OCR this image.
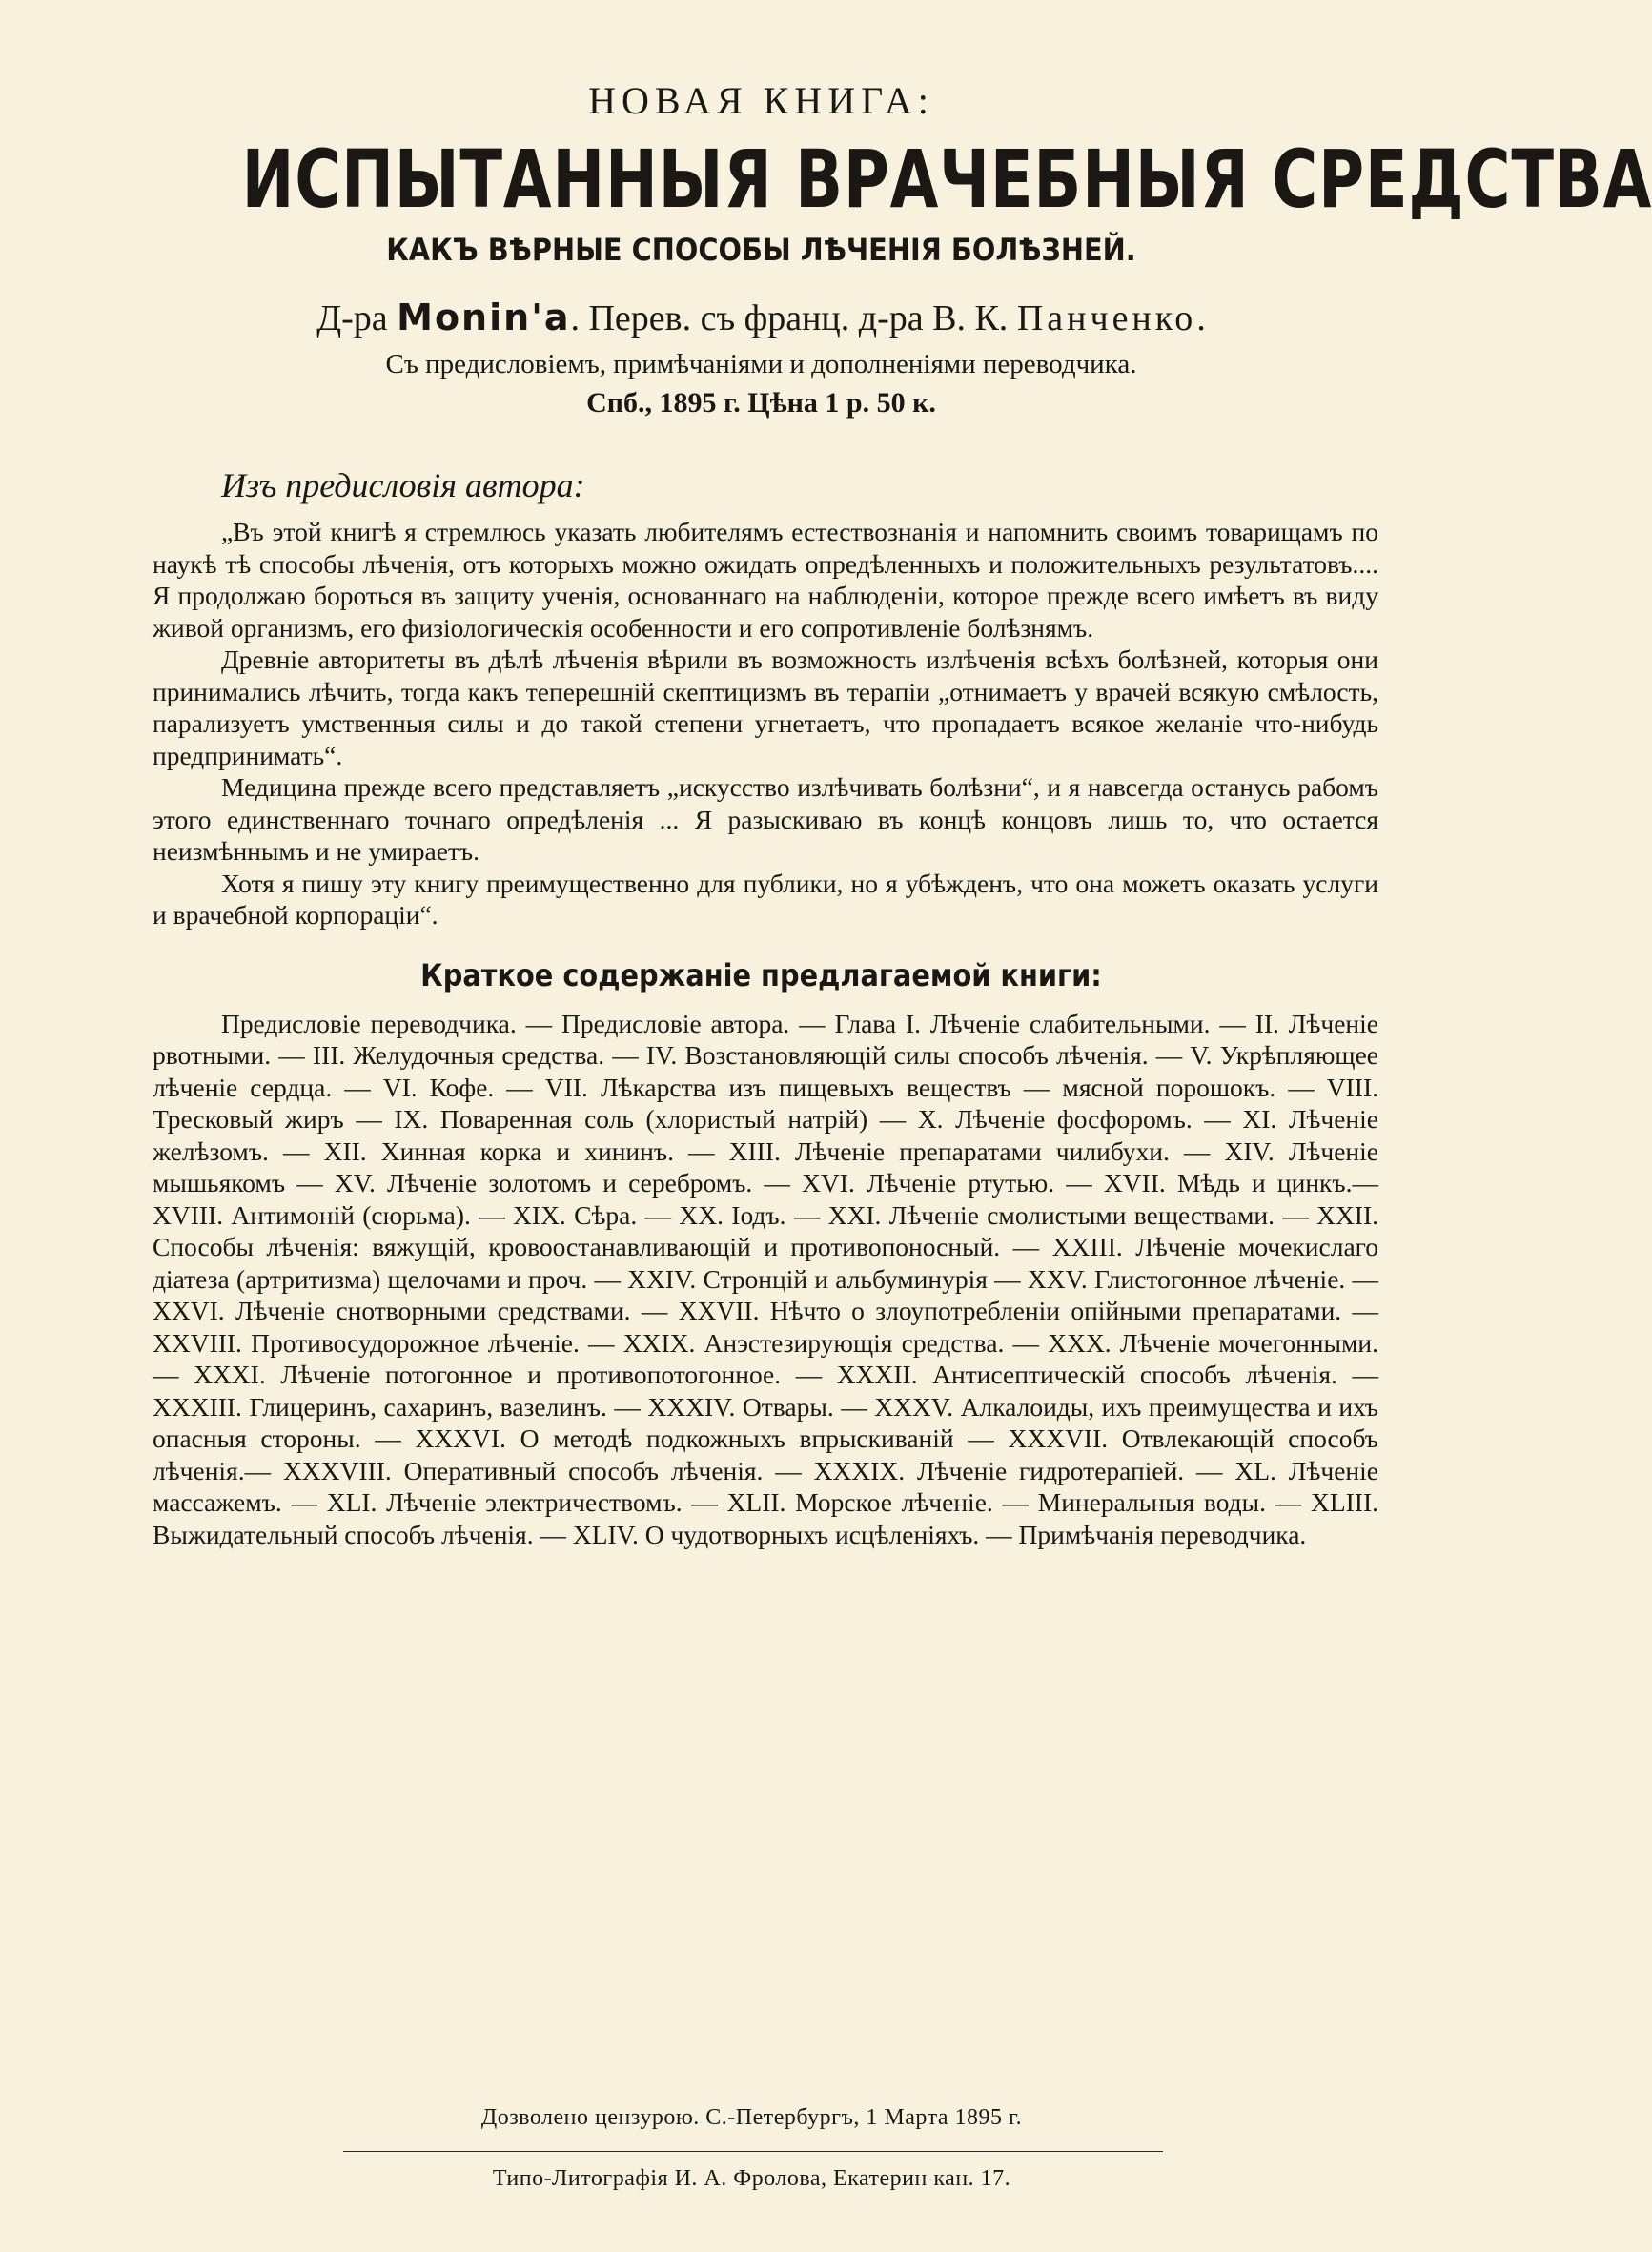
НОВАЯ КНИГА:
ИСПЫТАННЫЯ ВРАЧЕБНЫЯ СРЕДСТВА
КАКЪ ВѢРНЫЕ СПОСОБЫ ЛѢЧЕНІЯ БОЛѢЗНЕЙ.
Д-ра Monin'a. Перев. съ франц. д-ра В. К. Панченко.
Съ предисловіемъ, примѣчаніями и дополненіями переводчика.
Спб., 1895 г. Цѣна 1 р. 50 к.
Изъ предисловія автора:

„Въ этой книгѣ я стремлюсь указать любителямъ естествознанія и напомнить своимъ товарищамъ по наукѣ тѣ способы лѣченія, отъ которыхъ можно ожидать опредѣленныхъ и положительныхъ результатовъ.... Я продолжаю бороться въ защиту ученія, основаннаго на наблюденіи, которое прежде всего имѣетъ въ виду живой организмъ, его физіологическія особенности и его сопротивленіе болѣзнямъ.

Древніе авторитеты въ дѣлѣ лѣченія вѣрили въ возможность излѣченія всѣхъ болѣзней, которыя они принимались лѣчить, тогда какъ теперешній скептицизмъ въ терапіи „отнимаетъ у врачей всякую смѣлость, парализуетъ умственныя силы и до такой степени угнетаетъ, что пропадаетъ всякое желаніе что-нибудь предпринимать“.

Медицина прежде всего представляетъ „искусство излѣчивать болѣзни“, и я навсегда останусь рабомъ этого единственнаго точнаго опредѣленія ... Я разыскиваю въ концѣ концовъ лишь то, что остается неизмѣннымъ и не умираетъ.

Хотя я пишу эту книгу преимущественно для публики, но я убѣжденъ, что она можетъ оказать услуги и врачебной корпораціи“.

Краткое содержаніе предлагаемой книги:

Предисловіе переводчика. — Предисловіе автора. — Глава I. Лѣченіе слабительными. — II. Лѣченіе рвотными. — III. Желудочныя средства. — IV. Возстановляющій силы способъ лѣченія. — V. Укрѣпляющее лѣченіе сердца. — VI. Кофе. — VII. Лѣкарства изъ пищевыхъ веществъ — мясной порошокъ. — VIII. Тресковый жиръ — IX. Поваренная соль (хлористый натрій) — X. Лѣченіе фосфоромъ. — XI. Лѣченіе желѣзомъ. — XII. Хинная корка и хининъ. — XIII. Лѣченіе препаратами чилибухи. — XIV. Лѣченіе мышьякомъ — XV. Лѣченіе золотомъ и серебромъ. — XVI. Лѣченіе ртутью. — XVII. Мѣдь и цинкъ.— XVIII. Антимоній (сюрьма). — XIX. Сѣра. — XX. Іодъ. — XXI. Лѣченіе смолистыми веществами. — XXII. Способы лѣченія: вяжущій, кровоостанавливающій и противопоносный. — XXIII. Лѣченіе мочекислаго діатеза (артритизма) щелочами и проч. — XXIV. Стронцій и альбуминурія — XXV. Глистогонное лѣченіе. — XXVI. Лѣченіе снотворными средствами. — XXVII. Нѣчто о злоупотребленіи опійными препаратами. — XXVIII. Противосудорожное лѣченіе. — XXIX. Анэстезирующія средства. — XXX. Лѣченіе мочегонными. — XXXI. Лѣченіе потогонное и противопотогонное. — XXXII. Антисептическій способъ лѣченія. — XXXIII. Глицеринъ, сахаринъ, вазелинъ. — XXXIV. Отвары. — XXXV. Алкалоиды, ихъ преимущества и ихъ опасныя стороны. — XXXVI. О методѣ подкожныхъ впрыскиваній — XXXVII. Отвлекающій способъ лѣченія.— XXXVIII. Оперативный способъ лѣченія. — XXXIX. Лѣченіе гидротерапіей. — XL. Лѣченіе массажемъ. — XLI. Лѣченіе электричествомъ. — XLII. Морское лѣченіе. — Минеральныя воды. — XLIII. Выжидательный способъ лѣченія. — XLIV. О чудотворныхъ исцѣленіяхъ. — Примѣчанія переводчика.

Дозволено цензурою. С.-Петербургъ, 1 Марта 1895 г.
Типо-Литографія И. А. Фролова, Екатерин кан. 17.
